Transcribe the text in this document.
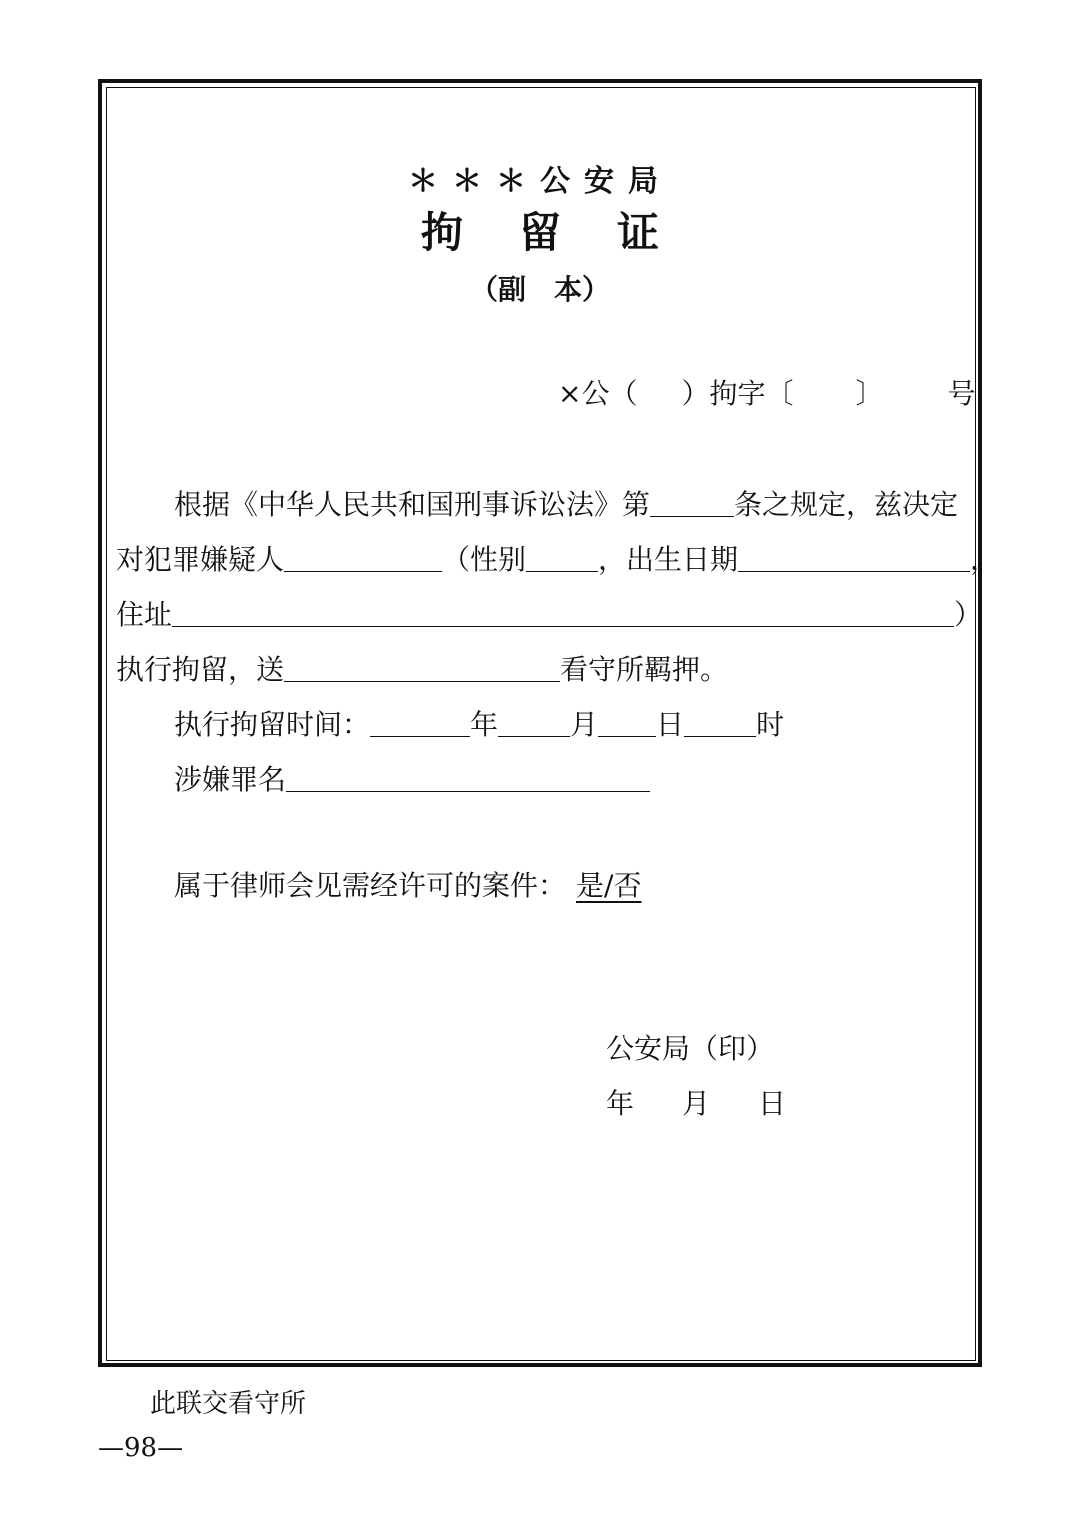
＊＊＊公安局
拘 留 证
（副　本）
×公（ ）拘字〔 〕 号
根据《中华人民共和国刑事诉讼法》第	条之规定，兹决定
对犯罪嫌疑人	（性别	，出生日期	，
住址	）
执行拘留，送	看守所羁押。
执行拘留时间：	年	月 日	时
涉嫌罪名
属于律师会见需经许可的案件： 是/否
公安局（印）
年 月 日
此联交看守所
—98—
